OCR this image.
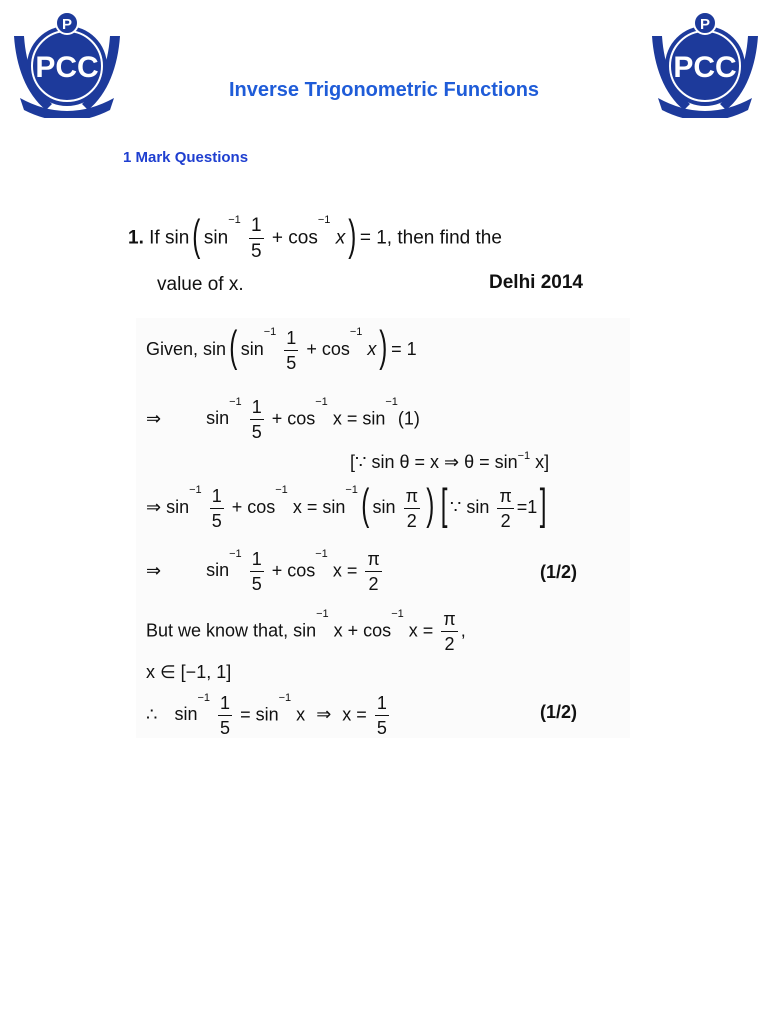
P
PCC
P
PCC
Inverse Trigonometric Functions
1 Mark Questions
1. If sin( $\sin^{-1} \frac{1}{5} + \cos^{-1} x) = 1$, then find the
value of x.	Delhi 2014
Given, sin( $\sin^{-1} \frac{1}{5} + \cos^{-1} x) = 1$
⇒	$\sin^{-1} \frac{1}{5} + \cos^{-1} x = \sin^{-1}(1)$
[∵ sin θ = x ⇒ $\theta = \sin^{-1} x$]
⇒ $\sin^{-1} \frac{1}{5} + \cos^{-1} x = \sin^{-1}$( $\sin \frac{\pi}{2}$ ) [ ∵ $\sin \frac{\pi}{2} =1$]
⇒	$\sin^{-1} \frac{1}{5} + \cos^{-1} x = \frac{\pi}{2}$	(1/2)
But we know that, $\sin^{-1} x + \cos^{-1} x = \frac{\pi}{2}$ ,
x ∈ [−1, 1]
∴ $\sin^{-1} \frac{1}{5} = \sin^{-1} x$ ⇒ $x = \frac{1}{5}$	(1/2)
